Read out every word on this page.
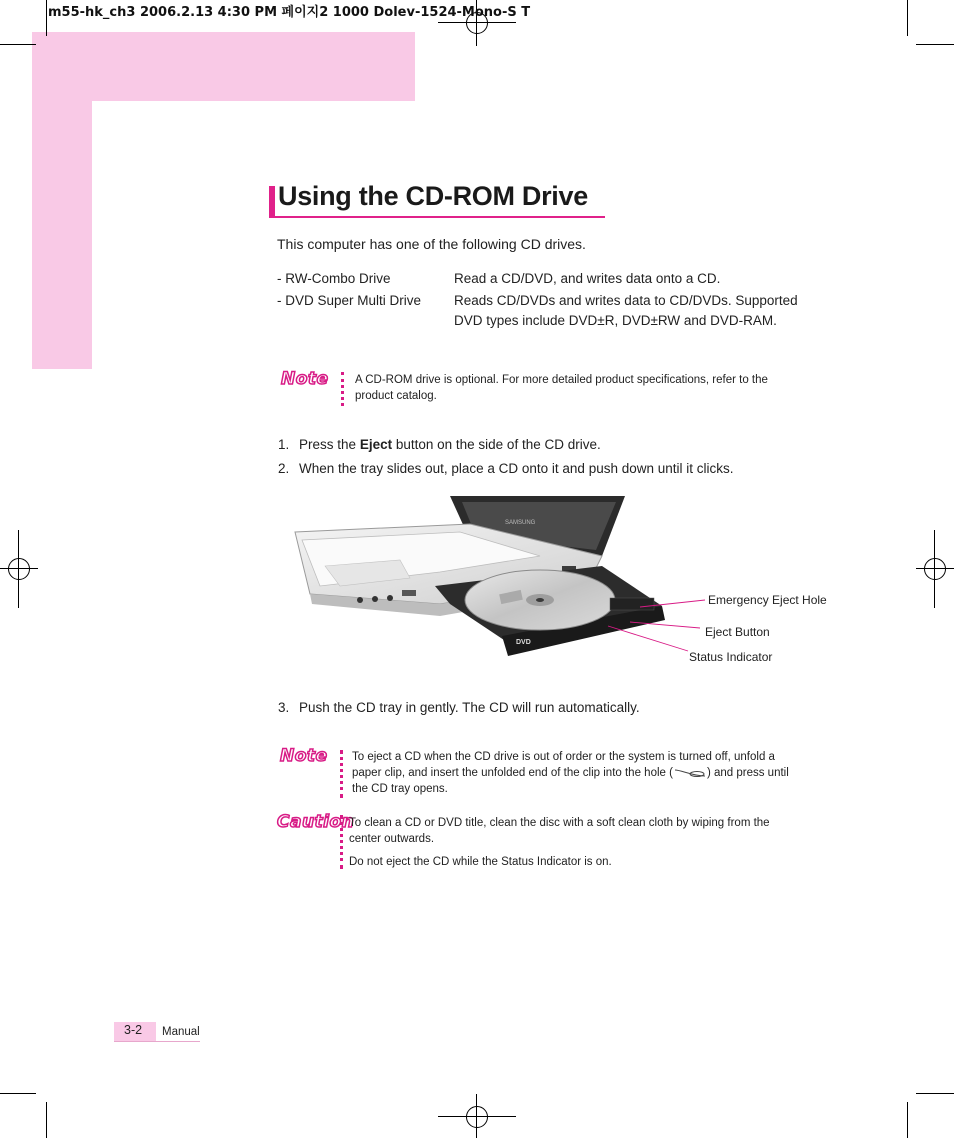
m55-hk_ch3 2006.2.13 4:30 PM 페이지2 1000 Dolev-1524-Mono-S T
Using the CD-ROM Drive
This computer has one of the following CD drives.
- RW-Combo Drive	Read a CD/DVD, and writes data onto a CD.
- DVD Super Multi Drive Reads CD/DVDs and writes data to CD/DVDs. Supported DVD types include DVD±R, DVD±RW and DVD-RAM.
Note A CD-ROM drive is optional. For more detailed product specifications, refer to the product catalog.
1. Press the Eject button on the side of the CD drive.
2. When the tray slides out, place a CD onto it and push down until it clicks.
SAMSUNG
DVD
Emergency Eject Hole
Eject Button
Status Indicator
3. Push the CD tray in gently. The CD will run automatically.
Note To eject a CD when the CD drive is out of order or the system is turned off, unfold a paper clip, and insert the unfolded end of the clip into the hole (	) and press until the CD tray opens.
Caution
To clean a CD or DVD title, clean the disc with a soft clean cloth by wiping from the center outwards.
Do not eject the CD while the Status Indicator is on.
3-2 Manual
